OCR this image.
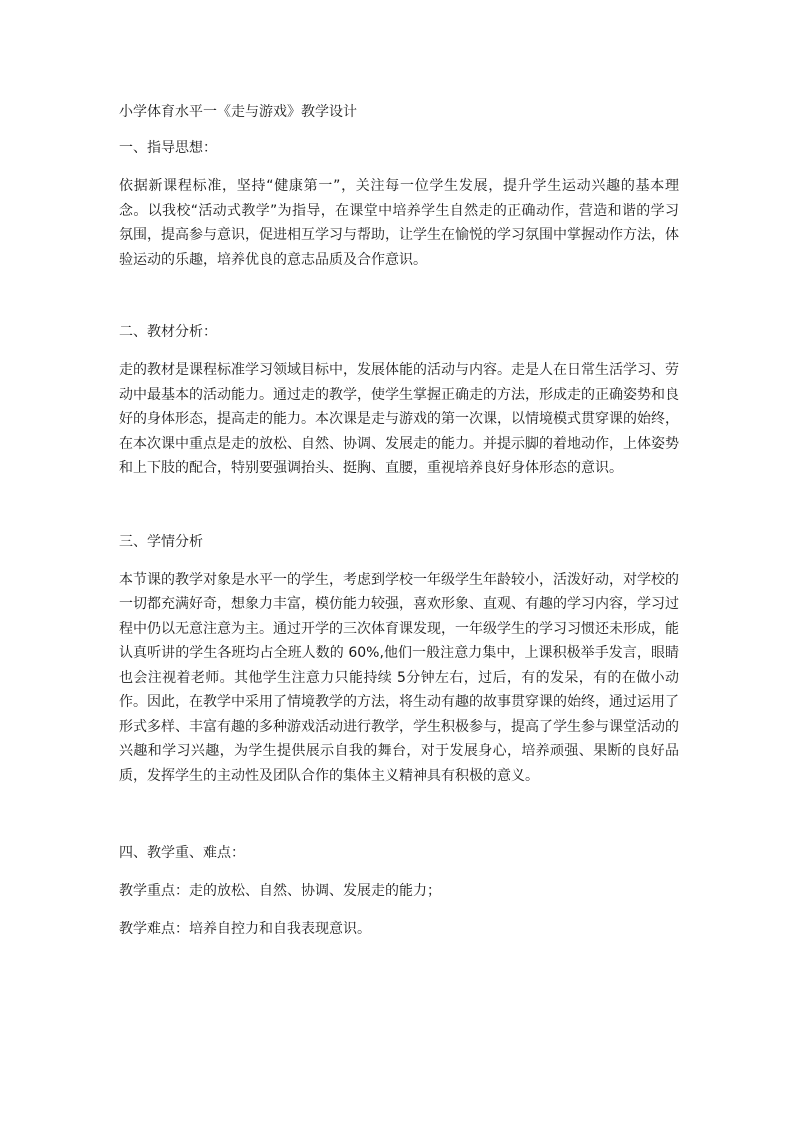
小学体育水平一《走与游戏》教学设计
一、指导思想：

依据新课程标准，坚持“健康第一”，关注每一位学生发展，提升学生运动兴趣的基本理念。以我校“活动式教学”为指导，在课堂中培养学生自然走的正确动作，营造和谐的学习氛围，提高参与意识，促进相互学习与帮助，让学生在愉悦的学习氛围中掌握动作方法，体验运动的乐趣，培养优良的意志品质及合作意识。

二、教材分析：

走的教材是课程标准学习领域目标中，发展体能的活动与内容。走是人在日常生活学习、劳动中最基本的活动能力。通过走的教学，使学生掌握正确走的方法，形成走的正确姿势和良好的身体形态，提高走的能力。本次课是走与游戏的第一次课，以情境模式贯穿课的始终，在本次课中重点是走的放松、自然、协调、发展走的能力。并提示脚的着地动作，上体姿势和上下肢的配合，特别要强调抬头、挺胸、直腰，重视培养良好身体形态的意识。

三、学情分析

本节课的教学对象是水平一的学生，考虑到学校一年级学生年龄较小，活泼好动，对学校的一切都充满好奇，想象力丰富，模仿能力较强，喜欢形象、直观、有趣的学习内容，学习过程中仍以无意注意为主。通过开学的三次体育课发现，一年级学生的学习习惯还未形成，能认真听讲的学生各班均占全班人数的 60%,他们一般注意力集中，上课积极举手发言，眼睛也会注视着老师。其他学生注意力只能持续 5分钟左右，过后，有的发呆，有的在做小动作。因此，在教学中采用了情境教学的方法，将生动有趣的故事贯穿课的始终，通过运用了形式多样、丰富有趣的多种游戏活动进行教学，学生积极参与，提高了学生参与课堂活动的兴趣和学习兴趣，为学生提供展示自我的舞台，对于发展身心，培养顽强、果断的良好品质，发挥学生的主动性及团队合作的集体主义精神具有积极的意义。

四、教学重、难点：

教学重点：走的放松、自然、协调、发展走的能力；

教学难点：培养自控力和自我表现意识。
